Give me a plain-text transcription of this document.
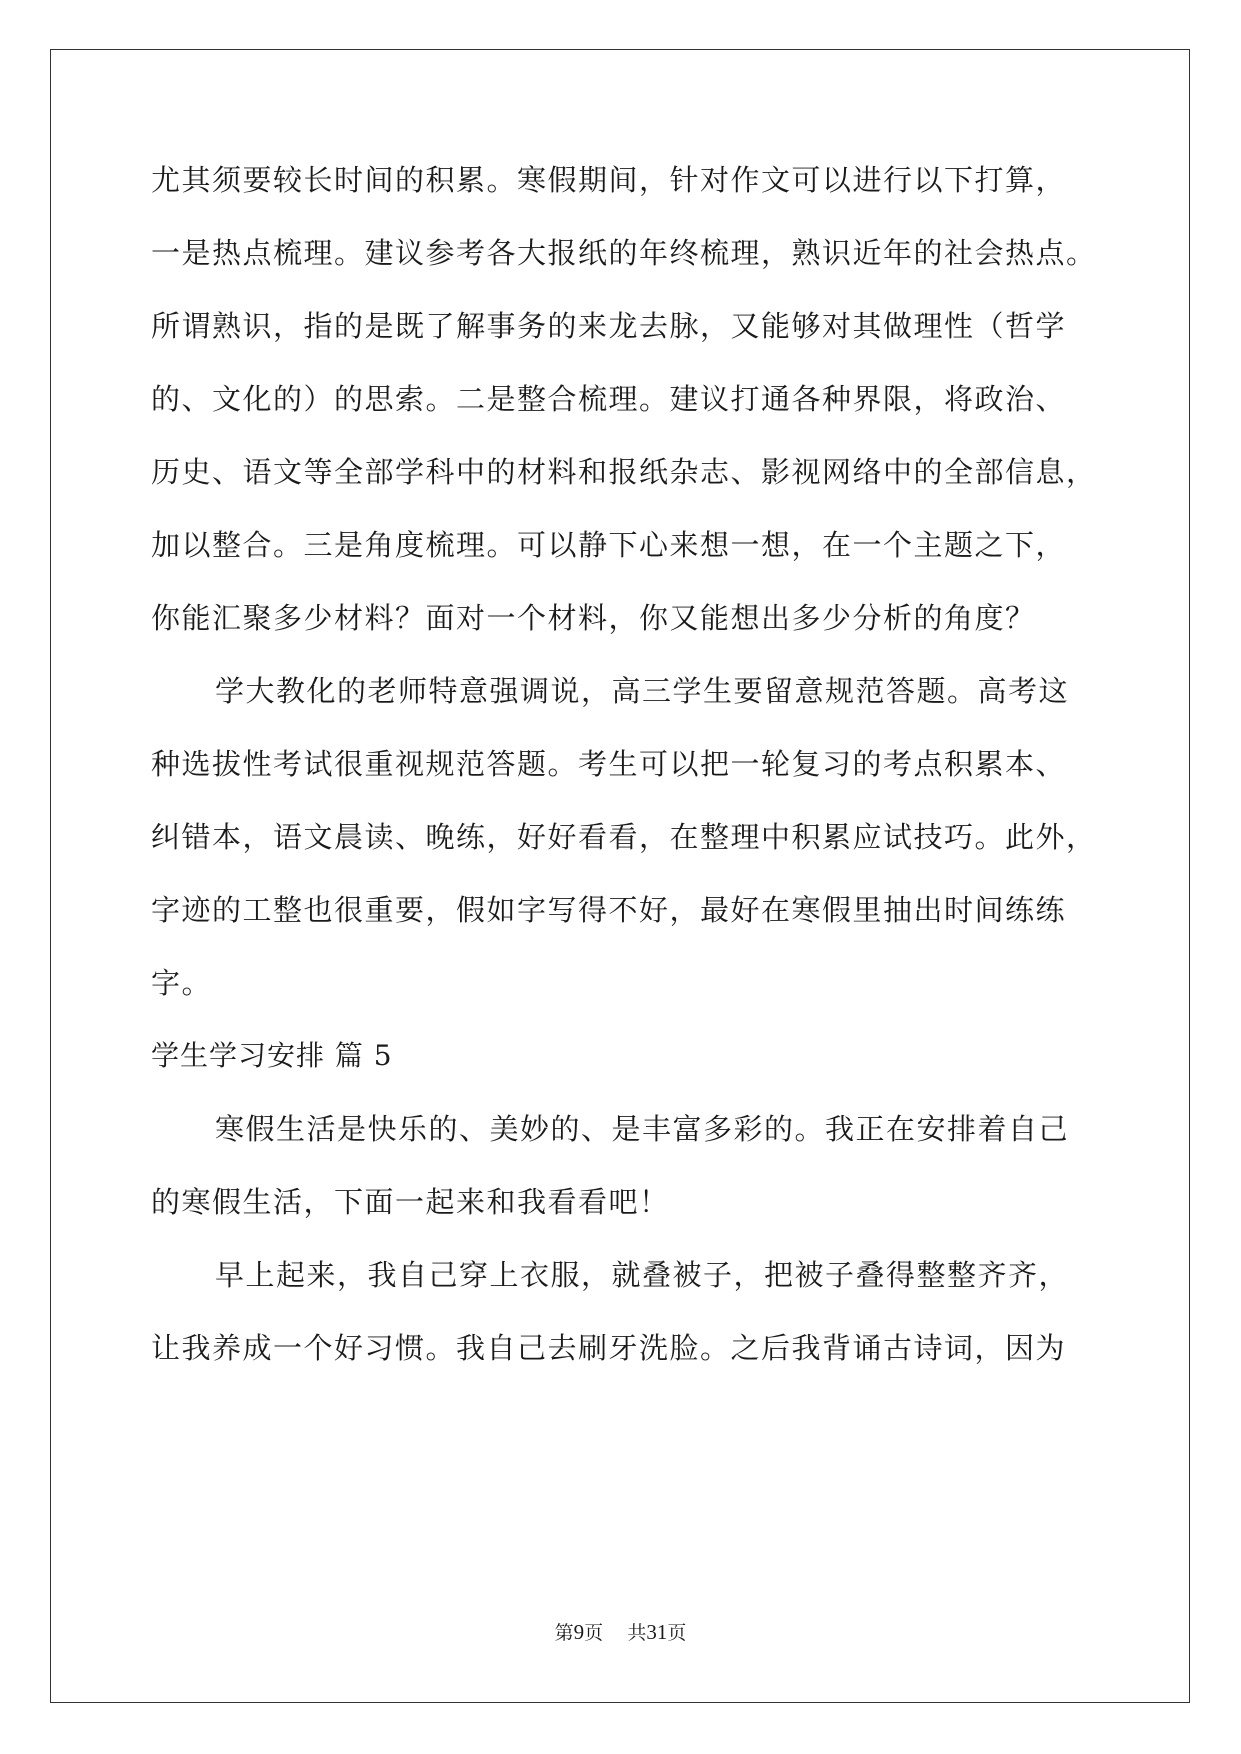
尤其须要较长时间的积累。寒假期间，针对作文可以进行以下打算，
一是热点梳理。建议参考各大报纸的年终梳理，熟识近年的社会热点。
所谓熟识，指的是既了解事务的来龙去脉，又能够对其做理性（哲学
的、文化的）的思索。二是整合梳理。建议打通各种界限，将政治、
历史、语文等全部学科中的材料和报纸杂志、影视网络中的全部信息，
加以整合。三是角度梳理。可以静下心来想一想，在一个主题之下，
你能汇聚多少材料？面对一个材料，你又能想出多少分析的角度？
学大教化的老师特意强调说，高三学生要留意规范答题。高考这
种选拔性考试很重视规范答题。考生可以把一轮复习的考点积累本、
纠错本，语文晨读、晚练，好好看看，在整理中积累应试技巧。此外，
字迹的工整也很重要，假如字写得不好，最好在寒假里抽出时间练练
字。
学生学习安排 篇 5
寒假生活是快乐的、美妙的、是丰富多彩的。我正在安排着自己
的寒假生活，下面一起来和我看看吧！
早上起来，我自己穿上衣服，就叠被子，把被子叠得整整齐齐，
让我养成一个好习惯。我自己去刷牙洗脸。之后我背诵古诗词，因为
第9页 共31页
